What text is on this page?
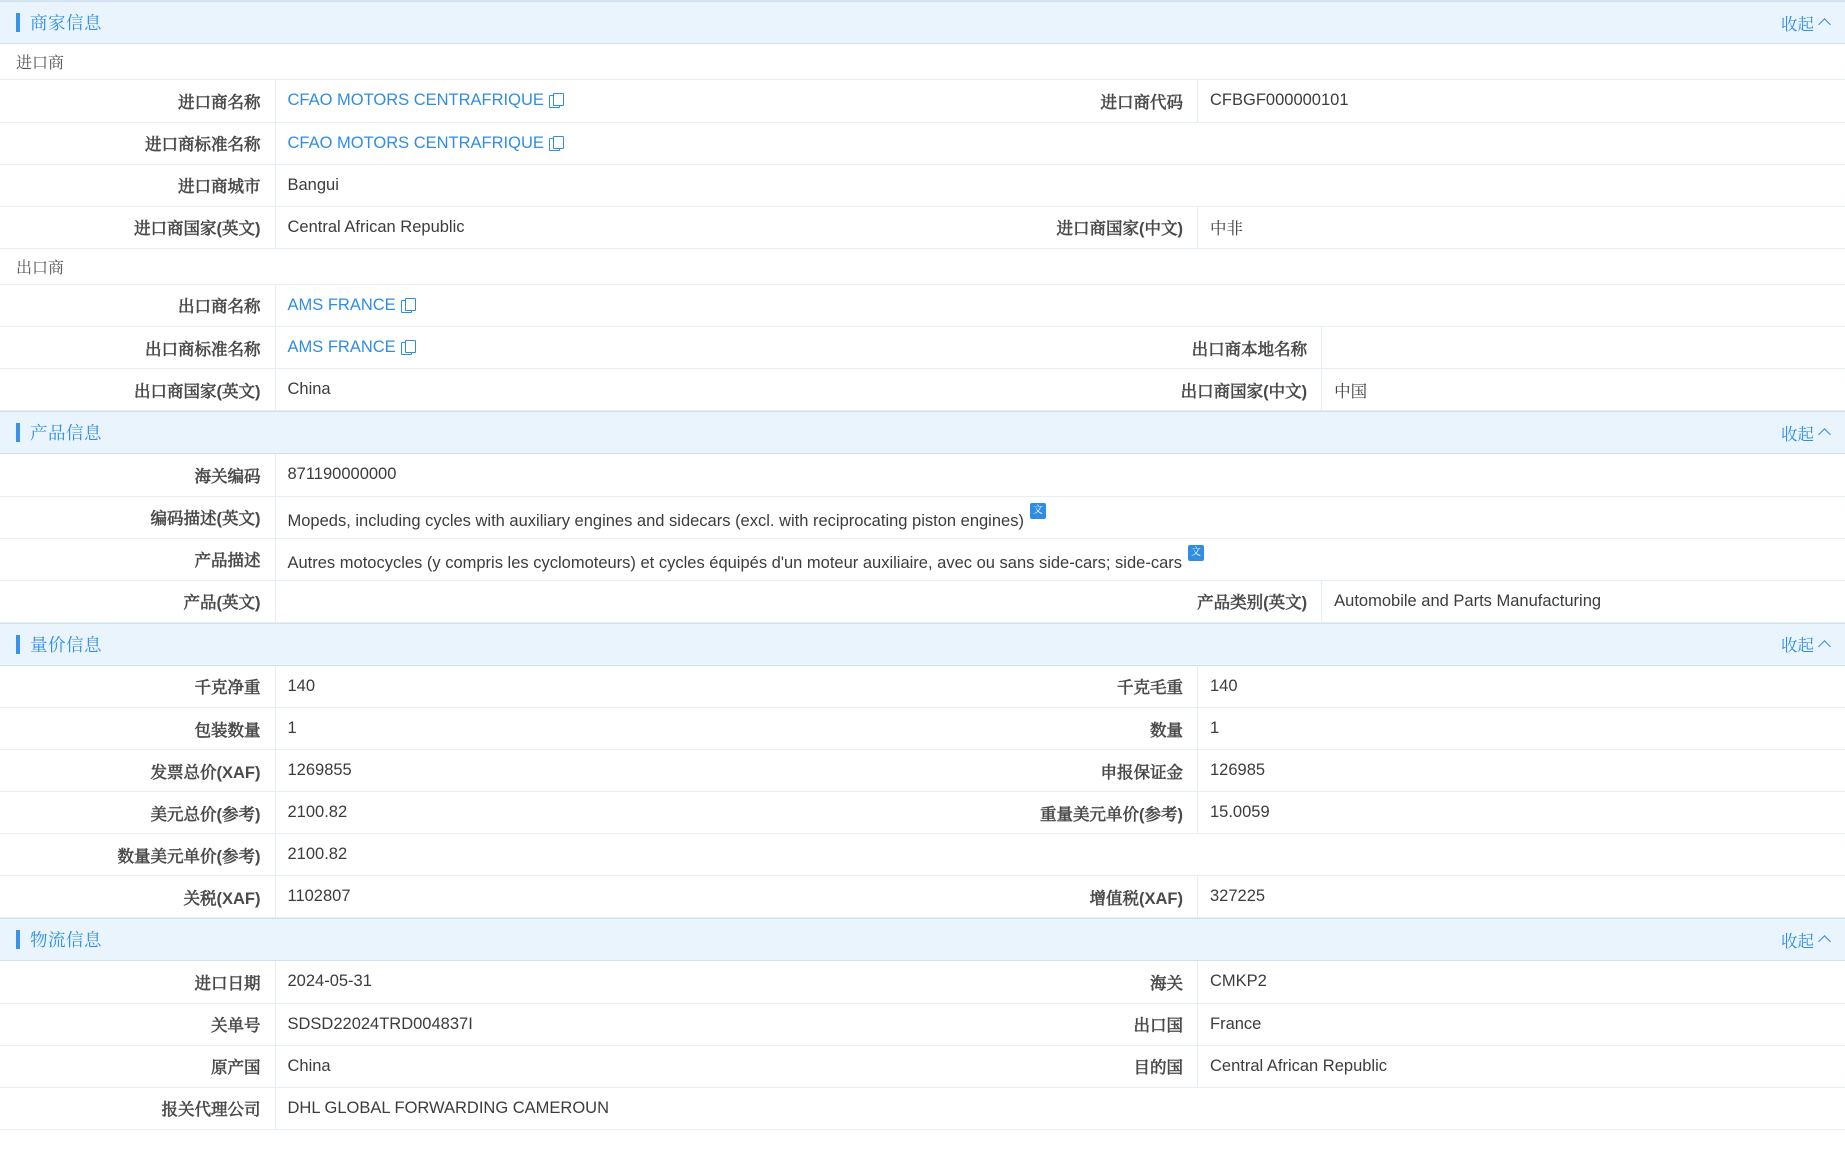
商家信息	收起
进口商
进口商名称	CFAO MOTORS CENTRAFRIQUE	进口商代码	CFBGF000000101
进口商标准名称	CFAO MOTORS CENTRAFRIQUE		
进口商城市	Bangui		
进口商国家(英文)	Central African Republic	进口商国家(中文)	中非
出口商
出口商名称	AMS FRANCE		
出口商标准名称	AMS FRANCE	出口商本地名称	
出口商国家(英文)	China	出口商国家(中文)	中国
产品信息	收起
海关编码	871190000000		
编码描述(英文)	Mopeds, including cycles with auxiliary engines and sidecars (excl. with reciprocating piston engines)文A		
产品描述	Autres motocycles (y compris les cyclomoteurs) et cycles équipés d'un moteur auxiliaire, avec ou sans side-cars; side-cars文A		
产品(英文)		产品类别(英文)	Automobile and Parts Manufacturing
量价信息	收起
千克净重	140	千克毛重	140
包装数量	1	数量	1
发票总价(XAF)	1269855	申报保证金	126985
美元总价(参考)	2100.82	重量美元单价(参考)	15.0059
数量美元单价(参考)	2100.82		
关税(XAF)	1102807	增值税(XAF)	327225
物流信息	收起
进口日期	2024-05-31	海关	CMKP2
关单号	SDSD22024TRD004837I	出口国	France
原产国	China	目的国	Central African Republic
报关代理公司	DHL GLOBAL FORWARDING CAMEROUN		
